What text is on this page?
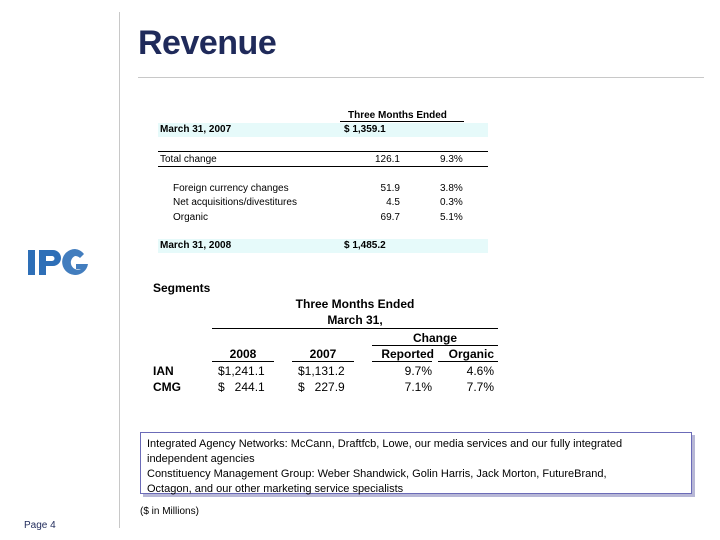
Revenue
Three Months Ended
March 31, 2007	$ 1,359.1
Total change	126.1	9.3%
Foreign currency changes	51.9	3.8%
Net acquisitions/divestitures	4.5	0.3%
Organic	69.7	5.1%
March 31, 2008	$ 1,485.2
Segments
Three Months Ended
March 31,
Change
2008	2007	Reported	Organic
IAN	$1,241.1	$1,131.2	9.7%	4.6%
CMG	$   244.1	$   227.9	7.1%	7.7%
Integrated Agency Networks: McCann, Draftfcb, Lowe, our media services and our fully integrated
independent agencies
Constituency Management Group: Weber Shandwick, Golin Harris, Jack Morton, FutureBrand,
Octagon, and our other marketing service specialists
($ in Millions)
Page 4
